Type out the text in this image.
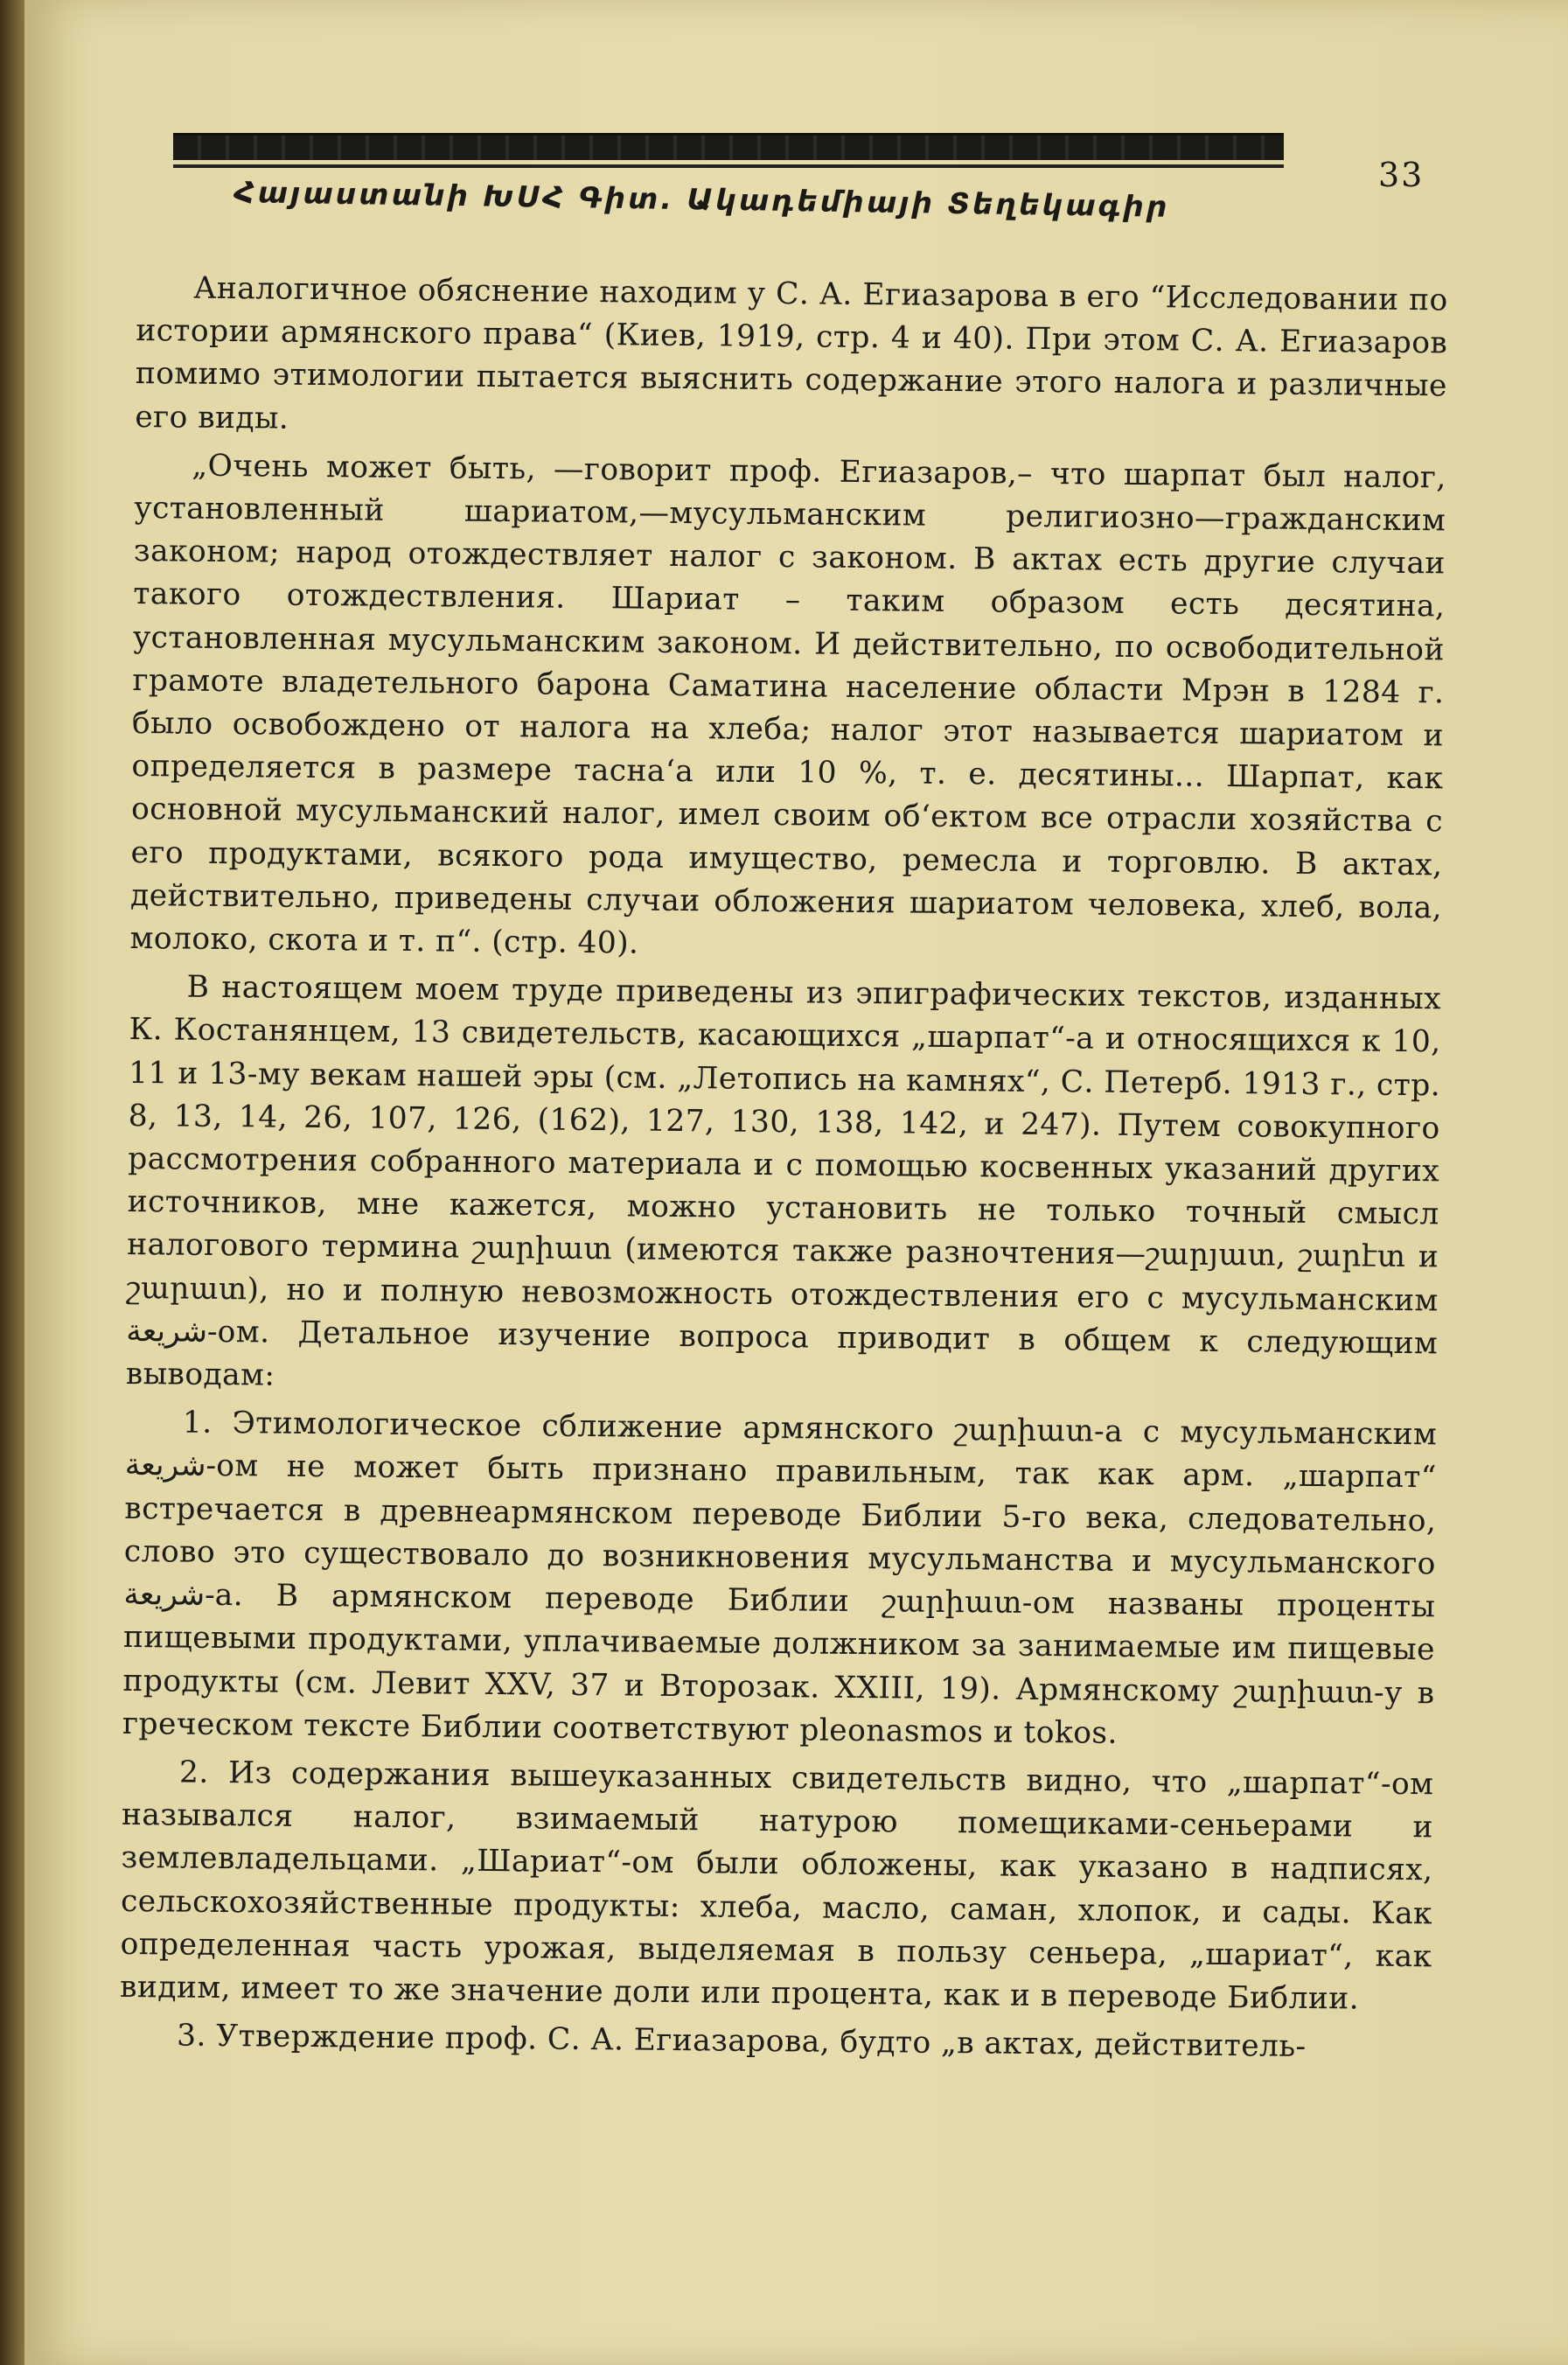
Հայաստանի ԽՍՀ Գիտ. Ակադեմիայի Տեղեկագիր	33

Аналогичное обяснение находим у С. А. Егиазарова в его “Исследовании по истории армянского права“ (Киев, 1919, стр. 4 и 40). При этом С. А. Егиазаров помимо этимологии пытается выяснить содержание этого налога и различные его виды.

„Очень может быть, —говорит проф. Егиазаров,– что шарпат был налог, установленный шариатом,—мусульманским религиозно—гражданским законом; народ отождествляет налог с законом. В актах есть другие случаи такого отождествления. Шариат – таким образом есть десятина, установленная мусульманским законом. И действительно, по освободительной грамоте владетельного барона Саматина население области Мрэн в 1284 г. было освобождено от налога на хлеба; налог этот называется шариатом и определяется в размере тасна‘а или 10 %, т. е. десятины... Шарпат, как основной мусульманский налог, имел своим об‘ектом все отрасли хозяйства с его продуктами, всякого рода имущество, ремесла и торговлю. В актах, действительно, приведены случаи обложения шариатом человека, хлеб, вола, молоко, скота и т. п“. (стр. 40).

В настоящем моем труде приведены из эпиграфических текстов, изданных К. Костанянцем, 13 свидетельств, касающихся „шарпат“-а и относящихся к 10, 11 и 13-му векам нашей эры (см. „Летопись на камнях“, С. Петерб. 1913 г., стр. 8, 13, 14, 26, 107, 126, (162), 127, 130, 138, 142, и 247). Путем совокупного рассмотрения собранного материала и с помощью косвенных указаний других источников, мне кажется, можно установить не только точный смысл налогового термина շարիատ (имеются также разночтения—շարյատ, շարէտ и շարատ), но и полную невозможность отождествления его с мусульманским شريعة-ом. Детальное изучение вопроса приводит в общем к следующим выводам:

1. Этимологическое сближение армянского շարիատ-а с мусульманским شريعة-ом не может быть признано правильным, так как арм. „шарпат“ встречается в древнеармянском переводе Библии 5-го века, следовательно, слово это существовало до возникновения мусульманства и мусульманского شريعة-а. В армянском переводе Библии շարիատ-ом названы проценты пищевыми продуктами, уплачиваемые должником за занимаемые им пищевые продукты (см. Левит XXV, 37 и Второзак. XXIII, 19). Армянскому շարիատ-у в греческом тексте Библии соответствуют pleonasmos и tokos.

2. Из содержания вышеуказанных свидетельств видно, что „шарпат“-ом назывался налог, взимаемый натурою помещиками-сеньерами и землевладельцами. „Шариат“-ом были обложены, как указано в надписях, сельскохозяйственные продукты: хлеба, масло, саман, хлопок, и сады. Как определенная часть урожая, выделяемая в пользу сеньера, „шариат“, как видим, имеет то же значение доли или процента, как и в переводе Библии.

3. Утверждение проф. С. А. Егиазарова, будто „в актах, действитель-
